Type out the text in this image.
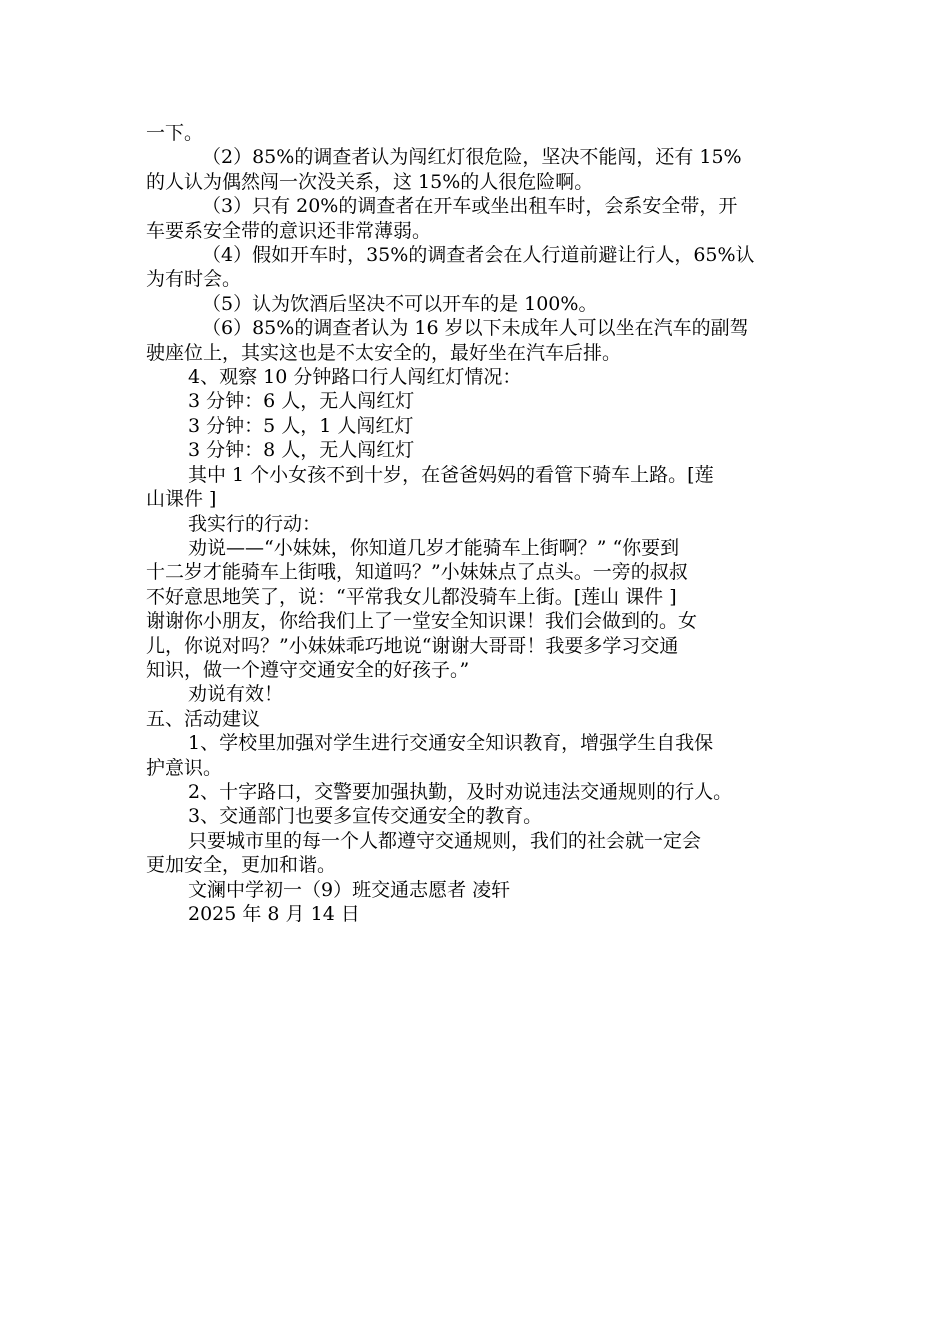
一下。

（2）85%的调查者认为闯红灯很危险，坚决不能闯，还有 15%

的人认为偶然闯一次没关系，这 15%的人很危险啊。

（3）只有 20%的调查者在开车或坐出租车时，会系安全带，开

车要系安全带的意识还非常薄弱。

（4）假如开车时，35%的调查者会在人行道前避让行人，65%认

为有时会。

（5）认为饮酒后坚决不可以开车的是 100%。

（6）85%的调查者认为 16 岁以下未成年人可以坐在汽车的副驾

驶座位上，其实这也是不太安全的，最好坐在汽车后排。

4、观察 10 分钟路口行人闯红灯情况：

3 分钟：6 人，无人闯红灯

3 分钟：5 人，1 人闯红灯

3 分钟：8 人，无人闯红灯

其中 1 个小女孩不到十岁，在爸爸妈妈的看管下骑车上路。[莲

山课件 ]

我实行的行动：

劝说——“小妹妹，你知道几岁才能骑车上街啊？” “你要到

十二岁才能骑车上街哦，知道吗？”小妹妹点了点头。一旁的叔叔

不好意思地笑了，说：“平常我女儿都没骑车上街。[莲山 课件 ]

谢谢你小朋友，你给我们上了一堂安全知识课！我们会做到的。女

儿，你说对吗？”小妹妹乖巧地说“谢谢大哥哥！我要多学习交通

知识，做一个遵守交通安全的好孩子。”

劝说有效！

五、活动建议

1、学校里加强对学生进行交通安全知识教育，增强学生自我保

护意识。

2、十字路口，交警要加强执勤，及时劝说违法交通规则的行人。

3、交通部门也要多宣传交通安全的教育。

只要城市里的每一个人都遵守交通规则，我们的社会就一定会

更加安全，更加和谐。

文澜中学初一（9）班交通志愿者 凌轩

2025 年 8 月 14 日
